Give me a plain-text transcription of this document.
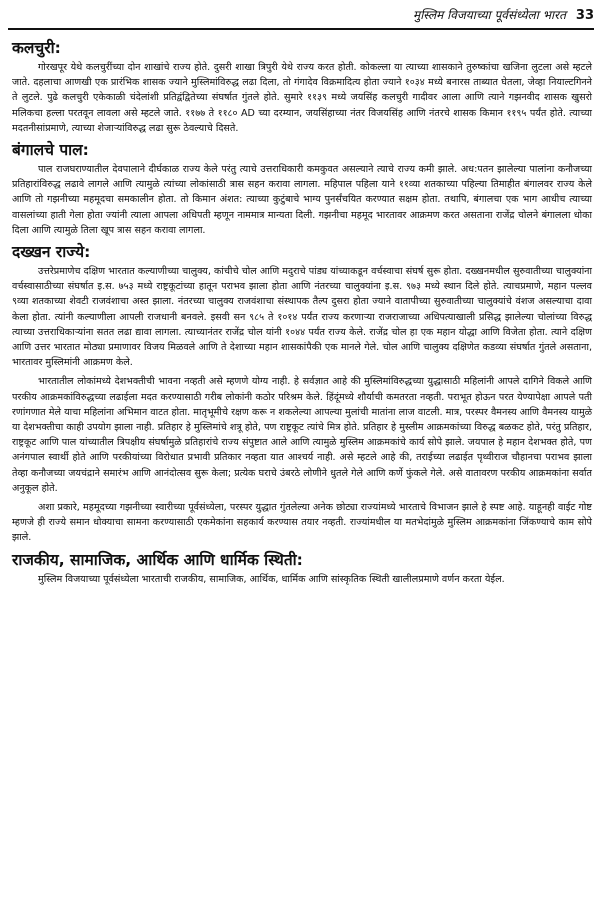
मुस्लिम विजयाच्या पूर्वसंध्येला भारत 33
कलचुरी:

गोरखपूर येथे कलचुरींच्या दोन शाखांचे राज्य होते. दुसरी शाखा त्रिपुरी येथे राज्य करत होती. कोकल्ला या त्याच्या शासकाने तुरुष्कांचा खजिना लुटला असे म्हटले जाते. दहलाचा आणखी एक प्रारंभिक शासक ज्याने मुस्लिमांविरुद्ध लढा दिला, तो गंगादेव विक्रमादित्य होता ज्याने १०३४ मध्ये बनारस ताब्यात घेतला, जेव्हा नियाल्टगिनने ते लुटले. पुढे कलचुरी एकेकाळी चंदेलांशी प्रतिद्वंद्वितेच्या संघर्षात गुंतले होते. सुमारे ११३९ मध्ये जयसिंह कलचुरी गादीवर आला आणि त्याने गझनवीद शासक खुसरो मलिकचा हल्ला परतवून लावला असे म्हटले जाते. ११७७ ते ११८० AD च्या दरम्यान, जयसिंहाच्या नंतर विजयसिंह आणि नंतरचे शासक किमान ११९५ पर्यंत होते. त्याच्या मदतनीसांप्रमाणे, त्याच्या शेजाऱ्यांविरुद्ध लढा सुरू ठेवल्याचे दिसते.

बंगालचे पाल:

पाल राजघराण्यातील देवपालाने दीर्घकाळ राज्य केले परंतु त्याचे उत्तराधिकारी कमकुवत असल्याने त्याचे राज्य कमी झाले. अध:पतन झालेल्या पालांना कनौजच्या प्रतिहारांविरुद्ध लढावे लागले आणि त्यामुळे त्यांच्या लोकांसाठी त्रास सहन करावा लागला. महिपाल पहिला याने ११व्या शतकाच्या पहिल्या तिमाहीत बंगालवर राज्य केले आणि तो गझनीच्या महमूदचा समकालीन होता. तो किमान अंशत: त्याच्या कुटुंबाचे भाग्य पुनर्संचयित करण्यात सक्षम होता. तथापि, बंगालचा एक भाग आधीच त्याच्या वासलांच्या हाती गेला होता ज्यांनी त्याला आपला अधिपती म्हणून नाममात्र मान्यता दिली. गझनीचा महमूद भारतावर आक्रमण करत असताना राजेंद्र चोलने बंगालला धोका दिला आणि त्यामुळे तिला खूप त्रास सहन करावा लागला.

दख्खन राज्ये:

उत्तरेप्रमाणेच दक्षिण भारतात कल्याणीच्या चालुक्य, कांचीचे चोल आणि मदुराचे पांड्य यांच्याकडून वर्चस्वाचा संघर्ष सुरू होता. दख्खनमधील सुरुवातीच्या चालुक्यांना वर्चस्वासाठीच्या संघर्षात इ.स. ७५३ मध्ये राष्ट्रकूटांच्या हातून पराभव झाला होता आणि नंतरच्या चालुक्यांना इ.स. ९७३ मध्ये स्थान दिले होते. त्याचप्रमाणे, महान पल्लव ९व्या शतकाच्या शेवटी राजवंशाचा अस्त झाला. नंतरच्या चालुक्य राजवंशाचा संस्थापक तैल्प दुसरा होता ज्याने वातापीच्या सुरुवातीच्या चालुक्यांचे वंशज असल्याचा दावा केला होता. त्यांनी कल्याणीला आपली राजधानी बनवले. इसवी सन ९८५ ते १०१४ पर्यंत राज्य करणाऱ्या राजराजाच्या अधिपत्याखाली प्रसिद्ध झालेल्या चोलांच्या विरुद्ध त्याच्या उत्तराधिकाऱ्यांना सतत लढा द्यावा लागला. त्याच्यानंतर राजेंद्र चोल यांनी १०४४ पर्यंत राज्य केले. राजेंद्र चोल हा एक महान योद्धा आणि विजेता होता. त्याने दक्षिण आणि उत्तर भारतात मोठ्या प्रमाणावर विजय मिळवले आणि ते देशाच्या महान शासकांपैकी एक मानले गेले. चोल आणि चालुक्य दक्षिणेत कडव्या संघर्षात गुंतले असताना, भारतावर मुस्लिमांनी आक्रमण केले.

भारतातील लोकांमध्ये देशभक्तीची भावना नव्हती असे म्हणणे योग्य नाही. हे सर्वज्ञात आहे की मुस्लिमांविरुद्धच्या युद्धासाठी महिलांनी आपले दागिने विकले आणि परकीय आक्रमकांविरुद्धच्या लढाईला मदत करण्यासाठी गरीब लोकांनी कठोर परिश्रम केले. हिंदूंमध्ये शौर्याची कमतरता नव्हती. पराभूत होऊन परत येण्यापेक्षा आपले पती रणांगणात मेले याचा महिलांना अभिमान वाटत होता. मातृभूमीचे रक्षण करू न शकलेल्या आपल्या मुलांची मातांना लाज वाटली. मात्र, परस्पर वैमनस्य आणि वैमनस्य यामुळे या देशभक्तीचा काही उपयोग झाला नाही. प्रतिहार हे मुस्लिमांचे शत्रू होते, पण राष्ट्रकूट त्यांचे मित्र होते. प्रतिहार हे मुस्लीम आक्रमकांच्या विरुद्ध बळकट होते, परंतु प्रतिहार, राष्ट्रकूट आणि पाल यांच्यातील त्रिपक्षीय संघर्षामुळे प्रतिहारांचे राज्य संपुष्टात आले आणि त्यामुळे मुस्लिम आक्रमकांचे कार्य सोपे झाले. जयपाल हे महान देशभक्त होते, पण अनंगपाल स्वार्थी होते आणि परकीयांच्या विरोधात प्रभावी प्रतिकार नव्हता यात आश्चर्य नाही. असे म्हटले आहे की, तराईच्या लढाईत पृथ्वीराज चौहानचा पराभव झाला तेव्हा कनौजच्या जयचंद्राने समारंभ आणि आनंदोत्सव सुरू केला; प्रत्येक घराचे उंबरठे लोणीने धुतले गेले आणि कर्णे फुंकले गेले. असे वातावरण परकीय आक्रमकांना सर्वात अनुकूल होते.

अशा प्रकारे, महमूदच्या गझनीच्या स्वारीच्या पूर्वसंध्येला, परस्पर युद्धात गुंतलेल्या अनेक छोट्या राज्यांमध्ये भारताचे विभाजन झाले हे स्पष्ट आहे. याहूनही वाईट गोष्ट म्हणजे ही राज्ये समान धोक्याचा सामना करण्यासाठी एकमेकांना सहकार्य करण्यास तयार नव्हती. राज्यांमधील या मतभेदांमुळे मुस्लिम आक्रमकांना जिंकण्याचे काम सोपे झाले.

राजकीय, सामाजिक, आर्थिक आणि धार्मिक स्थिती:

मुस्लिम विजयाच्या पूर्वसंध्येला भारताची राजकीय, सामाजिक, आर्थिक, धार्मिक आणि सांस्कृतिक स्थिती खालीलप्रमाणे वर्णन करता येईल.
